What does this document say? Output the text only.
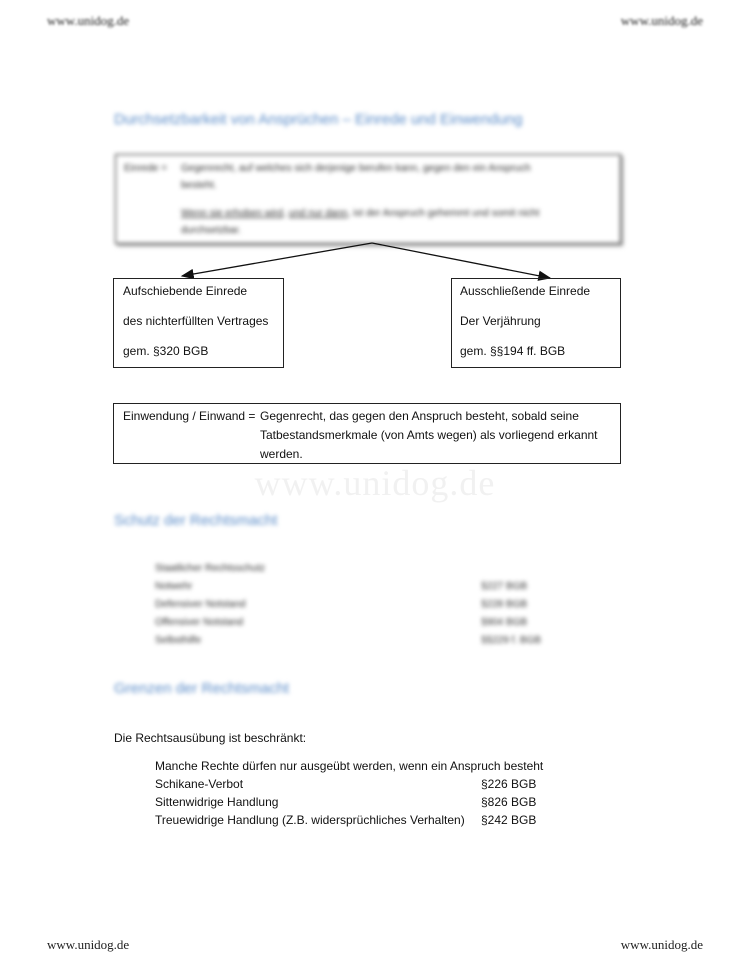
www.unidog.de	www.unidog.de
www.unidog.de
Durchsetzbarkeit von Ansprüchen – Einrede und Einwendung
Einrede = Gegenrecht, auf welches sich derjenige berufen kann, gegen den ein Anspruch
besteht.
Wenn sie erhoben wird, und nur dann, ist der Anspruch gehemmt und somit nicht
durchsetzbar.
Aufschiebende Einrede
des nichterfüllten Vertrages
gem. §320 BGB
Ausschließende Einrede
Der Verjährung
gem. §§194 ff. BGB
Einwendung / Einwand = Gegenrecht, das gegen den Anspruch besteht, sobald seine
Tatbestandsmerkmale (von Amts wegen) als vorliegend erkannt
werden.
Schutz der Rechtsmacht
Staatlicher Rechtsschutz
Notwehr	§227 BGB
Defensiver Notstand	§228 BGB
Offensiver Notstand	§904 BGB
Selbsthilfe	§§229 f. BGB
Grenzen der Rechtsmacht
Die Rechtsausübung ist beschränkt:
Manche Rechte dürfen nur ausgeübt werden, wenn ein Anspruch besteht
Schikane-Verbot	§226 BGB
Sittenwidrige Handlung	§826 BGB
Treuewidrige Handlung (Z.B. widersprüchliches Verhalten) §242 BGB
www.unidog.de	www.unidog.de
